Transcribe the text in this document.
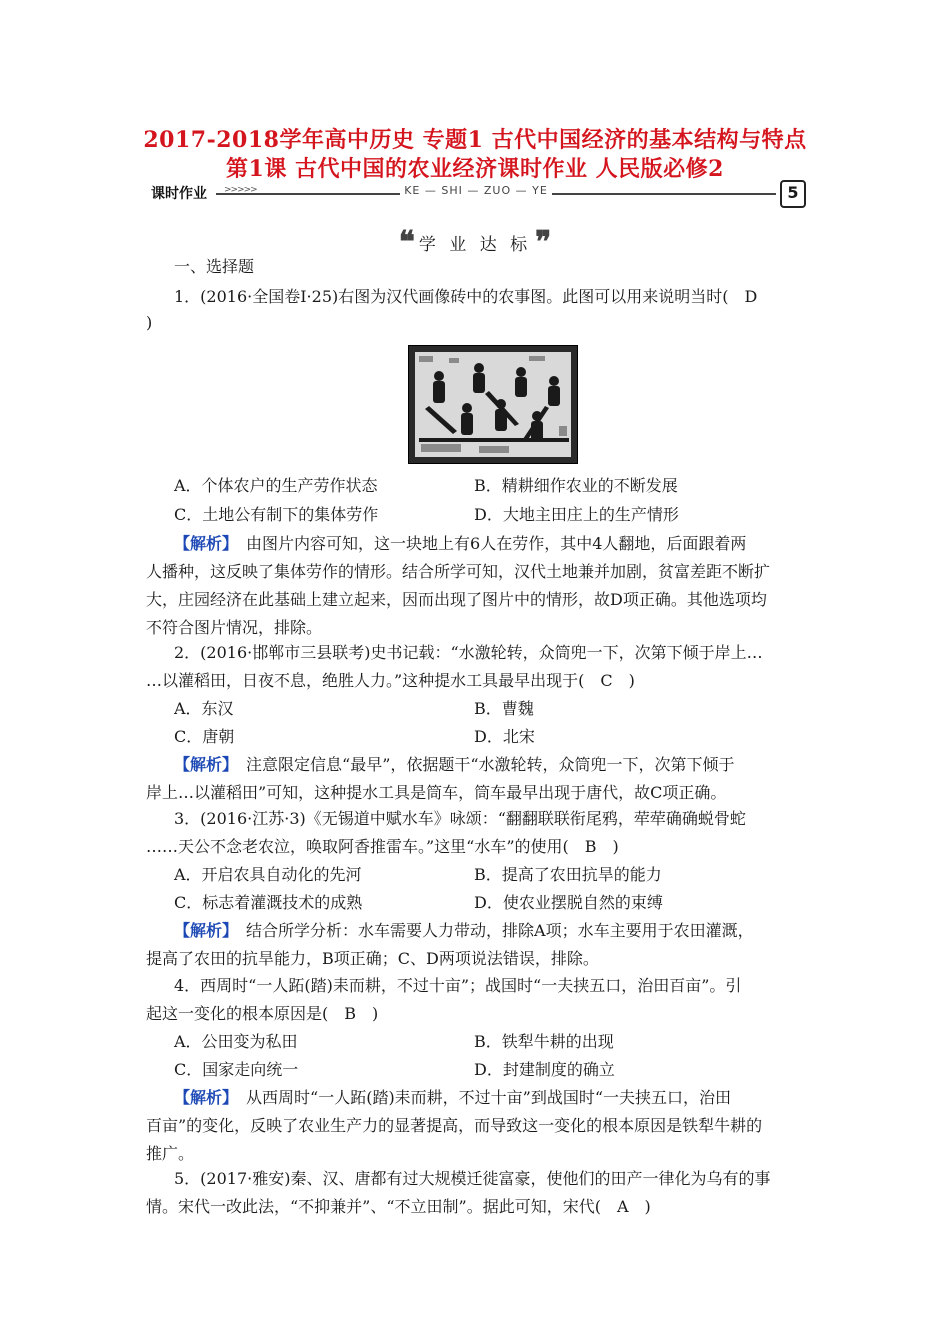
2017-2018学年高中历史 专题1 古代中国经济的基本结构与特点
第1课 古代中国的农业经济课时作业 人民版必修2
课时作业 >>>>>	KE — SHI — ZUO — YE	5
❝ 学 业 达 标 ❞
一、选择题
1．(2016·全国卷Ⅰ·25)右图为汉代画像砖中的农事图。此图可以用来说明当时(　D
)
A．个体农户的生产劳作状态	B．精耕细作农业的不断发展
C．土地公有制下的集体劳作	D．大地主田庄上的生产情形
【解析】　由图片内容可知，这一块地上有6人在劳作，其中4人翻地，后面跟着两
人播种，这反映了集体劳作的情形。结合所学可知，汉代土地兼并加剧，贫富差距不断扩
大，庄园经济在此基础上建立起来，因而出现了图片中的情形，故D项正确。其他选项均
不符合图片情况，排除。
2．(2016·邯郸市三县联考)史书记载：“水激轮转，众筒兜一下，次第下倾于岸上…
…以灌稻田，日夜不息，绝胜人力。”这种提水工具最早出现于(　C　)
A．东汉	B．曹魏
C．唐朝	D．北宋
【解析】　注意限定信息“最早”，依据题干“水激轮转，众筒兜一下，次第下倾于
岸上…以灌稻田”可知，这种提水工具是筒车，筒车最早出现于唐代，故C项正确。
3．(2016·江苏·3)《无锡道中赋水车》咏颂：“翻翻联联衔尾鸦，荦荦确确蜕骨蛇
……天公不念老农泣，唤取阿香推雷车。”这里“水车”的使用(　B　)
A．开启农具自动化的先河	B．提高了农田抗旱的能力
C．标志着灌溉技术的成熟	D．使农业摆脱自然的束缚
【解析】　结合所学分析：水车需要人力带动，排除A项；水车主要用于农田灌溉，
提高了农田的抗旱能力，B项正确；C、D两项说法错误，排除。
4．西周时“一人跖(踏)耒而耕，不过十亩”；战国时“一夫挟五口，治田百亩”。引
起这一变化的根本原因是(　B　)
A．公田变为私田	B．铁犁牛耕的出现
C．国家走向统一	D．封建制度的确立
【解析】　从西周时“一人跖(踏)耒而耕，不过十亩”到战国时“一夫挟五口，治田
百亩”的变化，反映了农业生产力的显著提高，而导致这一变化的根本原因是铁犁牛耕的
推广。
5．(2017·雅安)秦、汉、唐都有过大规模迁徙富豪，使他们的田产一律化为乌有的事
情。宋代一改此法，“不抑兼并”、“不立田制”。据此可知，宋代(　A　)
